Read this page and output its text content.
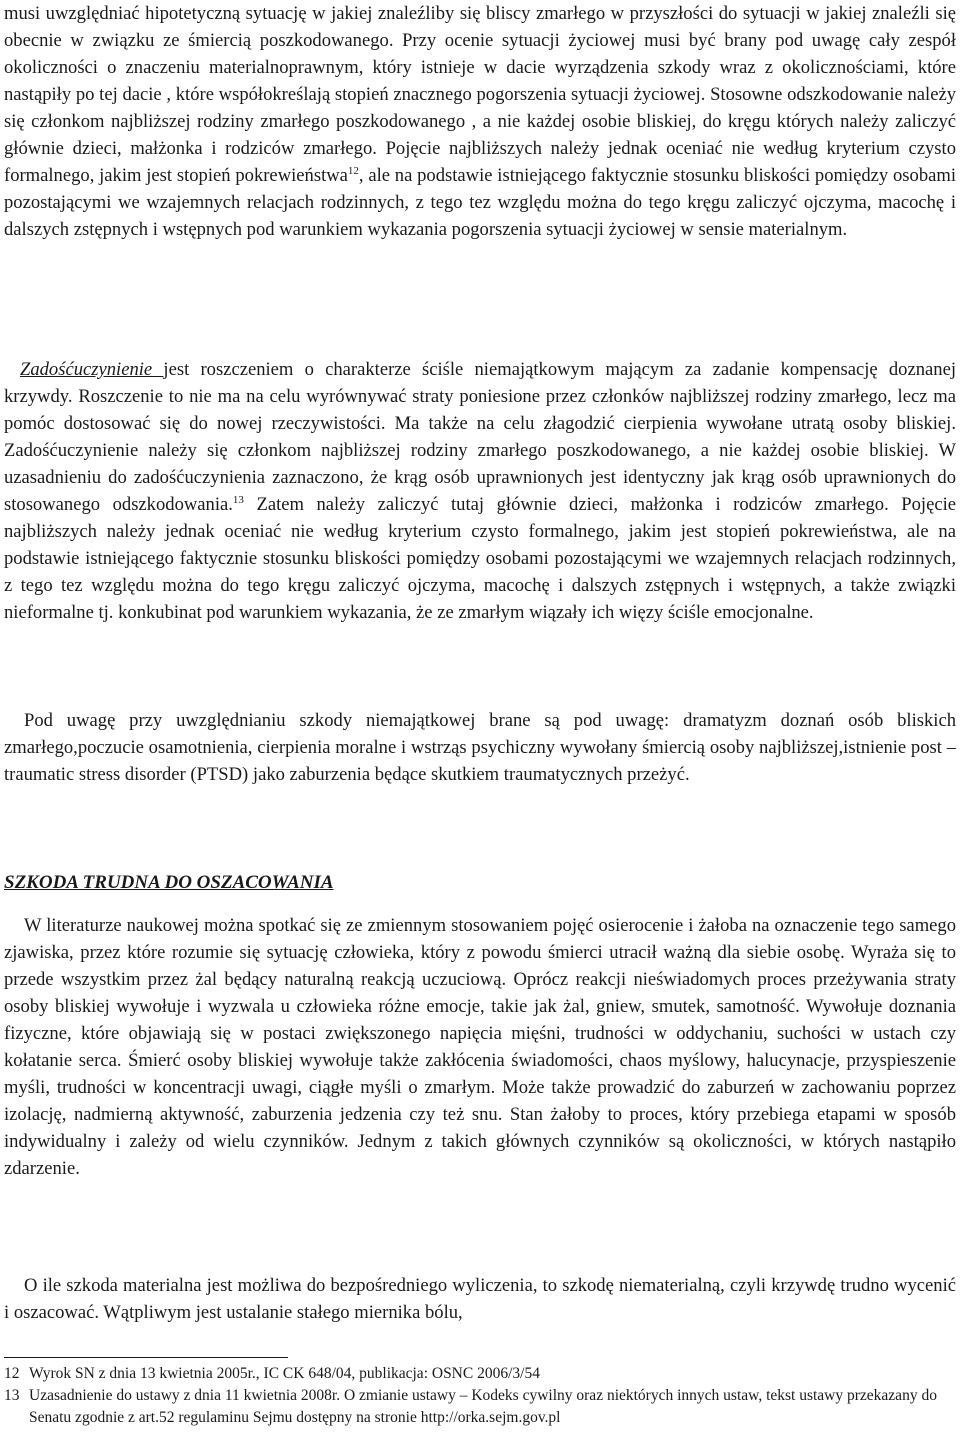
musi uwzględniać hipotetyczną sytuację w jakiej znaleźliby się bliscy zmarłego w przyszłości do sytuacji w jakiej znaleźli się obecnie w związku ze śmiercią poszkodowanego. Przy ocenie sytuacji życiowej musi być brany pod uwagę cały zespół okoliczności o znaczeniu materialnoprawnym, który istnieje w dacie wyrządzenia szkody wraz z okolicznościami, które nastąpiły po tej dacie , które współokreślają stopień znacznego pogorszenia sytuacji życiowej. Stosowne odszkodowanie należy się członkom najbliższej rodziny zmarłego poszkodowanego , a nie każdej osobie bliskiej, do kręgu których należy zaliczyć głównie dzieci, małżonka i rodziców zmarłego. Pojęcie najbliższych należy jednak oceniać nie według kryterium czysto formalnego, jakim jest stopień pokrewieństwa$^{12}$, ale na podstawie istniejącego faktycznie stosunku bliskości pomiędzy osobami pozostającymi we wzajemnych relacjach rodzinnych, z tego tez względu można do tego kręgu zaliczyć ojczyma, macochę i dalszych zstępnych i wstępnych pod warunkiem wykazania pogorszenia sytuacji życiowej w sensie materialnym.

Zadośćuczynienie jest roszczeniem o charakterze ściśle niemajątkowym mającym za zadanie kompensację doznanej krzywdy. Roszczenie to nie ma na celu wyrównywać straty poniesione przez członków najbliższej rodziny zmarłego, lecz ma pomóc dostosować się do nowej rzeczywistości. Ma także na celu złagodzić cierpienia wywołane utratą osoby bliskiej. Zadośćuczynienie należy się członkom najbliższej rodziny zmarłego poszkodowanego, a nie każdej osobie bliskiej. W uzasadnieniu do zadośćuczynienia zaznaczono, że krąg osób uprawnionych jest identyczny jak krąg osób uprawnionych do stosowanego odszkodowania.$^{13}$ Zatem należy zaliczyć tutaj głównie dzieci, małżonka i rodziców zmarłego. Pojęcie najbliższych należy jednak oceniać nie według kryterium czysto formalnego, jakim jest stopień pokrewieństwa, ale na podstawie istniejącego faktycznie stosunku bliskości pomiędzy osobami pozostającymi we wzajemnych relacjach rodzinnych, z tego tez względu można do tego kręgu zaliczyć ojczyma, macochę i dalszych zstępnych i wstępnych, a także związki nieformalne tj. konkubinat pod warunkiem wykazania, że ze zmarłym wiązały ich więzy ściśle emocjonalne.

Pod uwagę przy uwzględnianiu szkody niemajątkowej brane są pod uwagę: dramatyzm doznań osób bliskich zmarłego,poczucie osamotnienia, cierpienia moralne i wstrząs psychiczny wywołany śmiercią osoby najbliższej,istnienie post – traumatic stress disorder (PTSD) jako zaburzenia będące skutkiem traumatycznych przeżyć.

SZKODA TRUDNA DO OSZACOWANIA

W literaturze naukowej można spotkać się ze zmiennym stosowaniem pojęć osierocenie i żałoba na oznaczenie tego samego zjawiska, przez które rozumie się sytuację człowieka, który z powodu śmierci utracił ważną dla siebie osobę. Wyraża się to przede wszystkim przez żal będący naturalną reakcją uczuciową. Oprócz reakcji nieświadomych proces przeżywania straty osoby bliskiej wywołuje i wyzwala u człowieka różne emocje, takie jak żal, gniew, smutek, samotność. Wywołuje doznania fizyczne, które objawiają się w postaci zwiększonego napięcia mięśni, trudności w oddychaniu, suchości w ustach czy kołatanie serca. Śmierć osoby bliskiej wywołuje także zakłócenia świadomości, chaos myślowy, halucynacje, przyspieszenie myśli, trudności w koncentracji uwagi, ciągłe myśli o zmarłym. Może także prowadzić do zaburzeń w zachowaniu poprzez izolację, nadmierną aktywność, zaburzenia jedzenia czy też snu. Stan żałoby to proces, który przebiega etapami w sposób indywidualny i zależy od wielu czynników. Jednym z takich głównych czynników są okoliczności, w których nastąpiło zdarzenie.

O ile szkoda materialna jest możliwa do bezpośredniego wyliczenia, to szkodę niematerialną, czyli krzywdę trudno wycenić i oszacować. Wątpliwym jest ustalanie stałego miernika bólu,

12 Wyrok SN z dnia 13 kwietnia 2005r., IC CK 648/04, publikacja: OSNC 2006/3/54
13 Uzasadnienie do ustawy z dnia 11 kwietnia 2008r. O zmianie ustawy – Kodeks cywilny oraz niektórych innych ustaw, tekst ustawy przekazany do Senatu zgodnie z art.52 regulaminu Sejmu dostępny na stronie http://orka.sejm.gov.pl
